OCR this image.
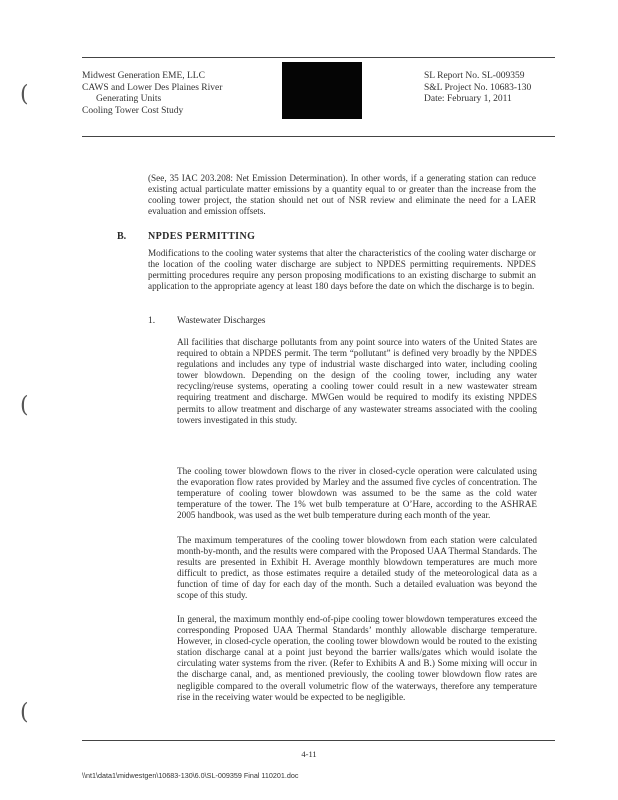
Midwest Generation EME, LLC
CAWS and Lower Des Plaines River
Generating Units
Cooling Tower Cost Study
SL Report No. SL-009359
S&L Project No. 10683-130
Date: February 1, 2011
(See, 35 IAC 203.208: Net Emission Determination). In other words, if a generating station can reduce existing actual particulate matter emissions by a quantity equal to or greater than the increase from the cooling tower project, the station should net out of NSR review and eliminate the need for a LAER evaluation and emission offsets.
B. NPDES PERMITTING
Modifications to the cooling water systems that alter the characteristics of the cooling water discharge or the location of the cooling water discharge are subject to NPDES permitting requirements. NPDES permitting procedures require any person proposing modifications to an existing discharge to submit an application to the appropriate agency at least 180 days before the date on which the discharge is to begin.
1. Wastewater Discharges
All facilities that discharge pollutants from any point source into waters of the United States are required to obtain a NPDES permit. The term “pollutant” is defined very broadly by the NPDES regulations and includes any type of industrial waste discharged into water, including cooling tower blowdown. Depending on the design of the cooling tower, including any water recycling/reuse systems, operating a cooling tower could result in a new wastewater stream requiring treatment and discharge. MWGen would be required to modify its existing NPDES permits to allow treatment and discharge of any wastewater streams associated with the cooling towers investigated in this study.
The cooling tower blowdown flows to the river in closed-cycle operation were calculated using the evaporation flow rates provided by Marley and the assumed five cycles of concentration. The temperature of cooling tower blowdown was assumed to be the same as the cold water temperature of the tower. The 1% wet bulb temperature at O’Hare, according to the ASHRAE 2005 handbook, was used as the wet bulb temperature during each month of the year.
The maximum temperatures of the cooling tower blowdown from each station were calculated month-by-month, and the results were compared with the Proposed UAA Thermal Standards. The results are presented in Exhibit H. Average monthly blowdown temperatures are much more difficult to predict, as those estimates require a detailed study of the meteorological data as a function of time of day for each day of the month. Such a detailed evaluation was beyond the scope of this study.
In general, the maximum monthly end-of-pipe cooling tower blowdown temperatures exceed the corresponding Proposed UAA Thermal Standards’ monthly allowable discharge temperature. However, in closed-cycle operation, the cooling tower blowdown would be routed to the existing station discharge canal at a point just beyond the barrier walls/gates which would isolate the circulating water systems from the river. (Refer to Exhibits A and B.) Some mixing will occur in the discharge canal, and, as mentioned previously, the cooling tower blowdown flow rates are negligible compared to the overall volumetric flow of the waterways, therefore any temperature rise in the receiving water would be expected to be negligible.
4-11
\\nt1\data1\midwestgen\10683-130\6.0\SL-009359 Final 110201.doc
(
(
(
